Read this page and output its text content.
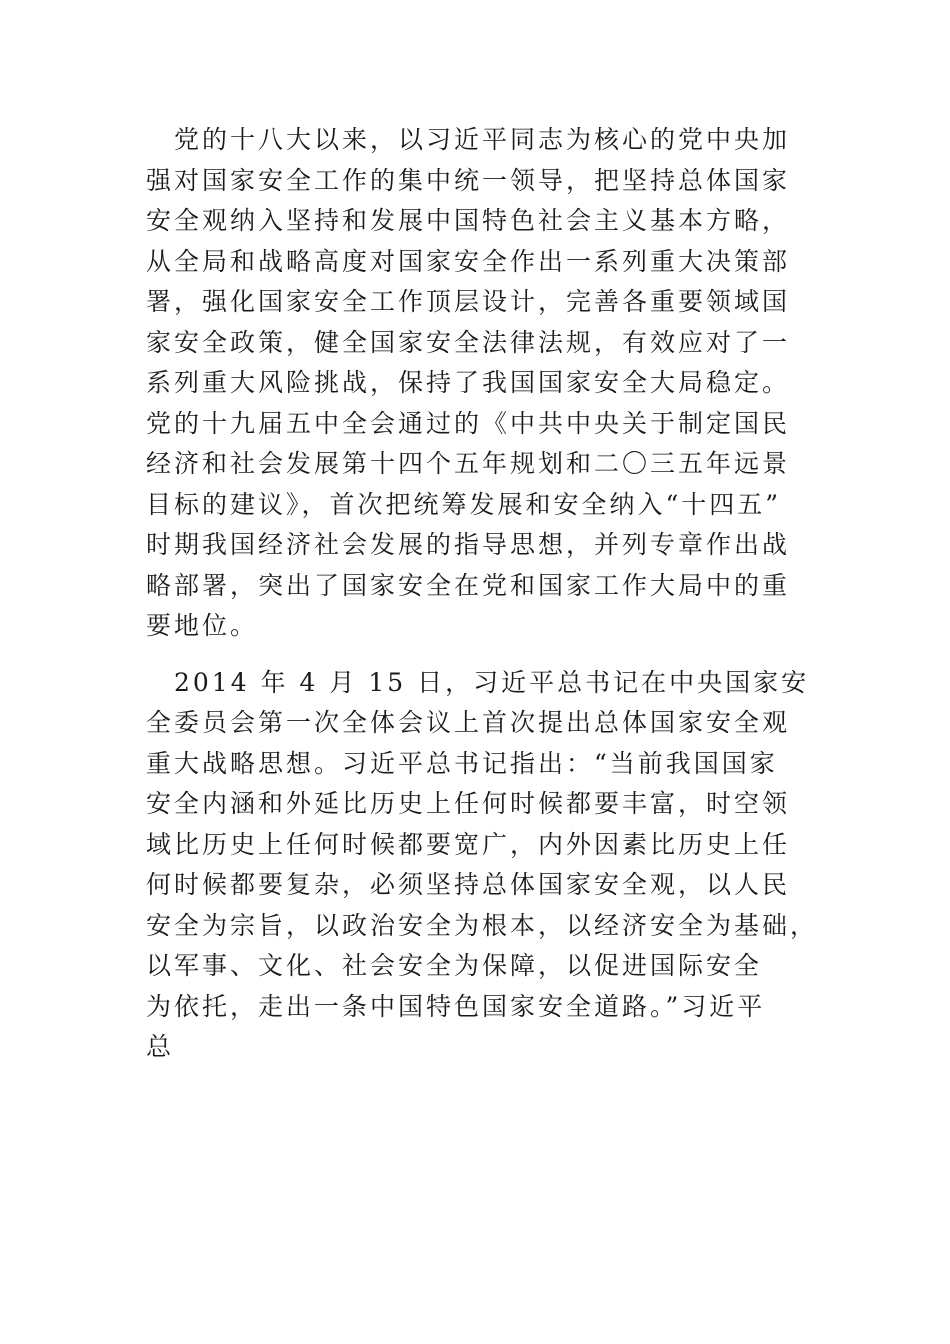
　党的十八大以来，以习近平同志为核心的党中央加
强对国家安全工作的集中统一领导，把坚持总体国家
安全观纳入坚持和发展中国特色社会主义基本方略，
从全局和战略高度对国家安全作出一系列重大决策部
署，强化国家安全工作顶层设计，完善各重要领域国
家安全政策，健全国家安全法律法规，有效应对了一
系列重大风险挑战，保持了我国国家安全大局稳定。
党的十九届五中全会通过的《中共中央关于制定国民
经济和社会发展第十四个五年规划和二〇三五年远景
目标的建议》，首次把统筹发展和安全纳入“十四五”
时期我国经济社会发展的指导思想，并列专章作出战
略部署，突出了国家安全在党和国家工作大局中的重
要地位。
　2014 年 4 月 15 日，习近平总书记在中央国家安
全委员会第一次全体会议上首次提出总体国家安全观
重大战略思想。习近平总书记指出：“当前我国国家
安全内涵和外延比历史上任何时候都要丰富，时空领
域比历史上任何时候都要宽广，内外因素比历史上任
何时候都要复杂，必须坚持总体国家安全观，以人民
安全为宗旨，以政治安全为根本，以经济安全为基础，
以军事、文化、社会安全为保障，以促进国际安全
为依托，走出一条中国特色国家安全道路。”习近平
总
